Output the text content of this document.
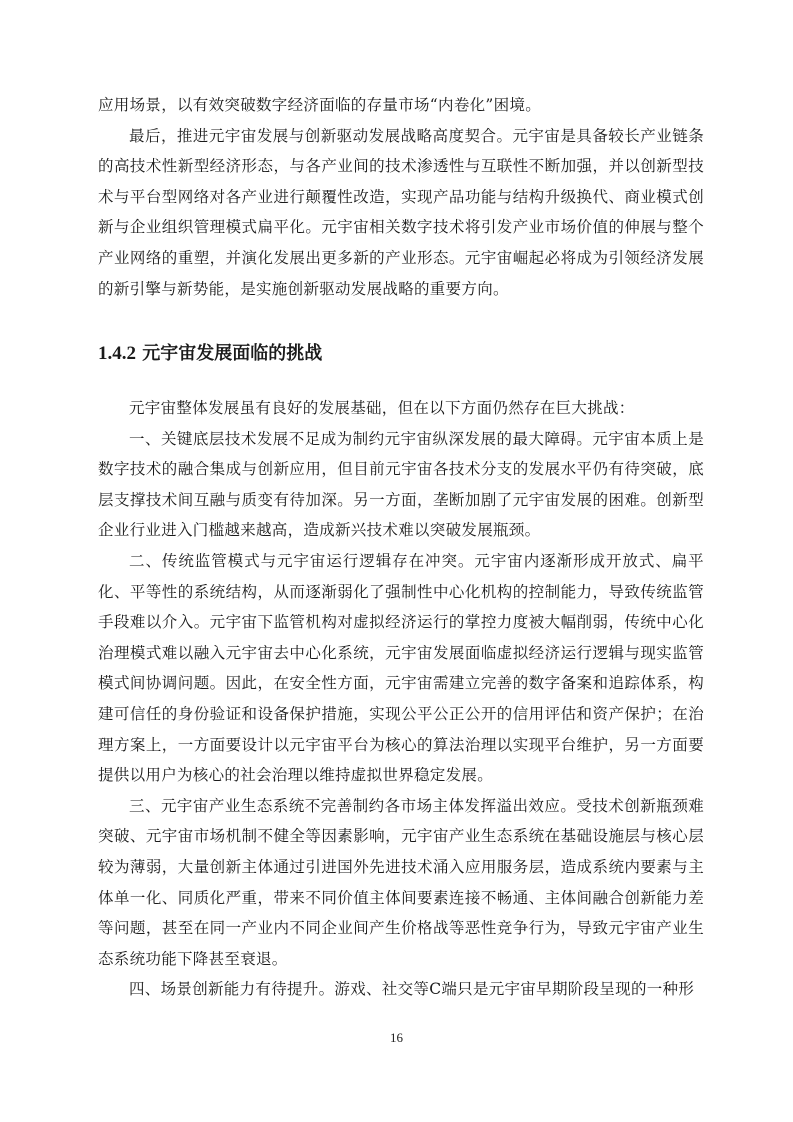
应用场景，以有效突破数字经济面临的存量市场“内卷化”困境。

最后，推进元宇宙发展与创新驱动发展战略高度契合。元宇宙是具备较长产业链条的高技术性新型经济形态，与各产业间的技术渗透性与互联性不断加强，并以创新型技术与平台型网络对各产业进行颠覆性改造，实现产品功能与结构升级换代、商业模式创新与企业组织管理模式扁平化。元宇宙相关数字技术将引发产业市场价值的伸展与整个产业网络的重塑，并演化发展出更多新的产业形态。元宇宙崛起必将成为引领经济发展的新引擎与新势能，是实施创新驱动发展战略的重要方向。

1.4.2 元宇宙发展面临的挑战

元宇宙整体发展虽有良好的发展基础，但在以下方面仍然存在巨大挑战：

一、关键底层技术发展不足成为制约元宇宙纵深发展的最大障碍。元宇宙本质上是数字技术的融合集成与创新应用，但目前元宇宙各技术分支的发展水平仍有待突破，底层支撑技术间互融与质变有待加深。另一方面，垄断加剧了元宇宙发展的困难。创新型企业行业进入门槛越来越高，造成新兴技术难以突破发展瓶颈。

二、传统监管模式与元宇宙运行逻辑存在冲突。元宇宙内逐渐形成开放式、扁平化、平等性的系统结构，从而逐渐弱化了强制性中心化机构的控制能力，导致传统监管手段难以介入。元宇宙下监管机构对虚拟经济运行的掌控力度被大幅削弱，传统中心化治理模式难以融入元宇宙去中心化系统，元宇宙发展面临虚拟经济运行逻辑与现实监管模式间协调问题。因此，在安全性方面，元宇宙需建立完善的数字备案和追踪体系，构建可信任的身份验证和设备保护措施，实现公平公正公开的信用评估和资产保护；在治理方案上，一方面要设计以元宇宙平台为核心的算法治理以实现平台维护，另一方面要提供以用户为核心的社会治理以维持虚拟世界稳定发展。

三、元宇宙产业生态系统不完善制约各市场主体发挥溢出效应。受技术创新瓶颈难突破、元宇宙市场机制不健全等因素影响，元宇宙产业生态系统在基础设施层与核心层较为薄弱，大量创新主体通过引进国外先进技术涌入应用服务层，造成系统内要素与主体单一化、同质化严重，带来不同价值主体间要素连接不畅通、主体间融合创新能力差等问题，甚至在同一产业内不同企业间产生价格战等恶性竞争行为，导致元宇宙产业生态系统功能下降甚至衰退。

四、场景创新能力有待提升。游戏、社交等C端只是元宇宙早期阶段呈现的一种形

16
